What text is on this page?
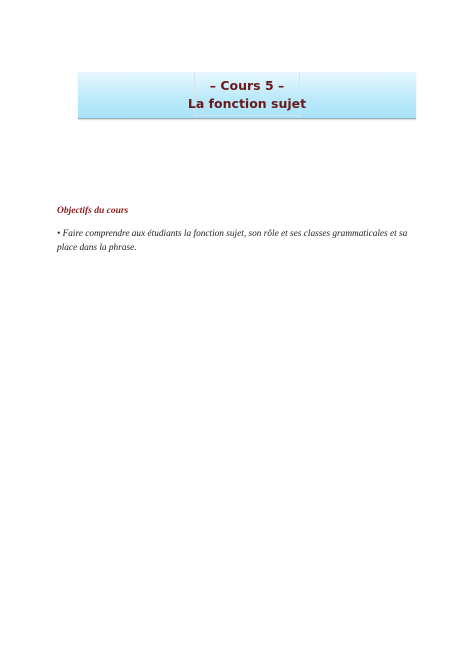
– Cours 5 –
La fonction sujet
Objectifs du cours
• Faire comprendre aux étudiants la fonction sujet, son rôle et ses classes grammaticales et sa place dans la phrase.
